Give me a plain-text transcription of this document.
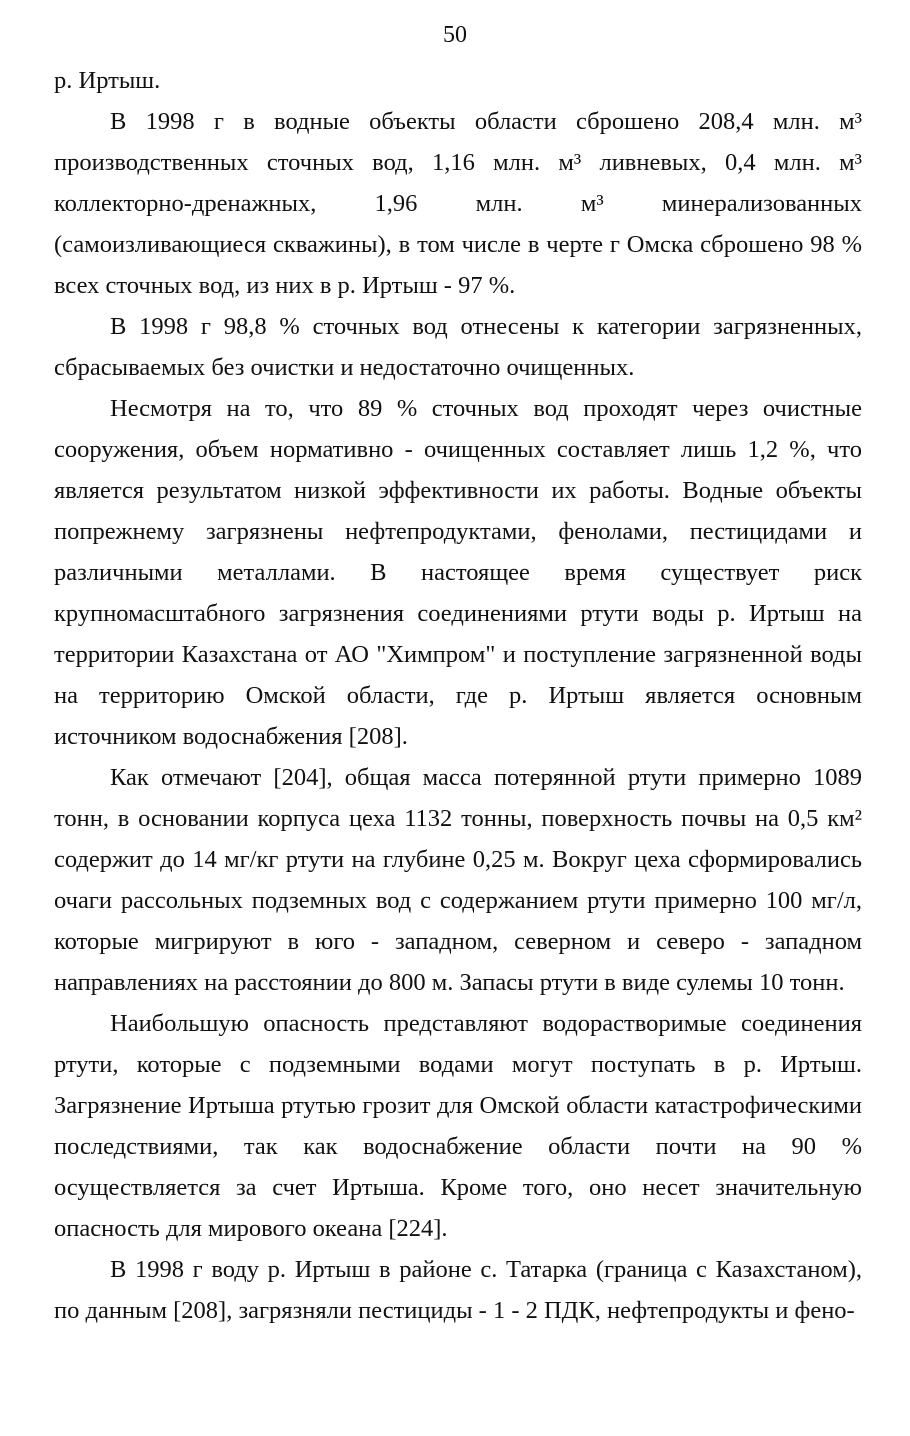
50

р. Иртыш.

В 1998 г в водные объекты области сброшено 208,4 млн. м³ производственных сточных вод, 1,16 млн. м³ ливневых, 0,4 млн. м³ коллекторно-дренажных, 1,96 млн. м³ минерализованных (самоизливающиеся скважины), в том числе в черте г Омска сброшено 98 % всех сточных вод, из них в р. Иртыш - 97 %.

В 1998 г 98,8 % сточных вод отнесены к категории загрязненных, сбрасываемых без очистки и недостаточно очищенных.

Несмотря на то, что 89 % сточных вод проходят через очистные сооружения, объем нормативно - очищенных составляет лишь 1,2 %, что является результатом низкой эффективности их работы. Водные объекты попрежнему загрязнены нефтепродуктами, фенолами, пестицидами и различными металлами. В настоящее время существует риск крупномасштабного загрязнения соединениями ртути воды р. Иртыш на территории Казахстана от АО "Химпром" и поступление загрязненной воды на территорию Омской области, где р. Иртыш является основным источником водоснабжения [208].

Как отмечают [204], общая масса потерянной ртути примерно 1089 тонн, в основании корпуса цеха 1132 тонны, поверхность почвы на 0,5 км² содержит до 14 мг/кг ртути на глубине 0,25 м. Вокруг цеха сформировались очаги рассольных подземных вод с содержанием ртути примерно 100 мг/л, которые мигрируют в юго - западном, северном и северо - западном направлениях на расстоянии до 800 м. Запасы ртути в виде сулемы 10 тонн.

Наибольшую опасность представляют водорастворимые соединения ртути, которые с подземными водами могут поступать в р. Иртыш. Загрязнение Иртыша ртутью грозит для Омской области катастрофическими последствиями, так как водоснабжение области почти на 90 % осуществляется за счет Иртыша. Кроме того, оно несет значительную опасность для мирового океана [224].

В 1998 г воду р. Иртыш в районе с. Татарка (граница с Казахстаном), по данным [208], загрязняли пестициды - 1 - 2 ПДК, нефтепродукты и фено-
